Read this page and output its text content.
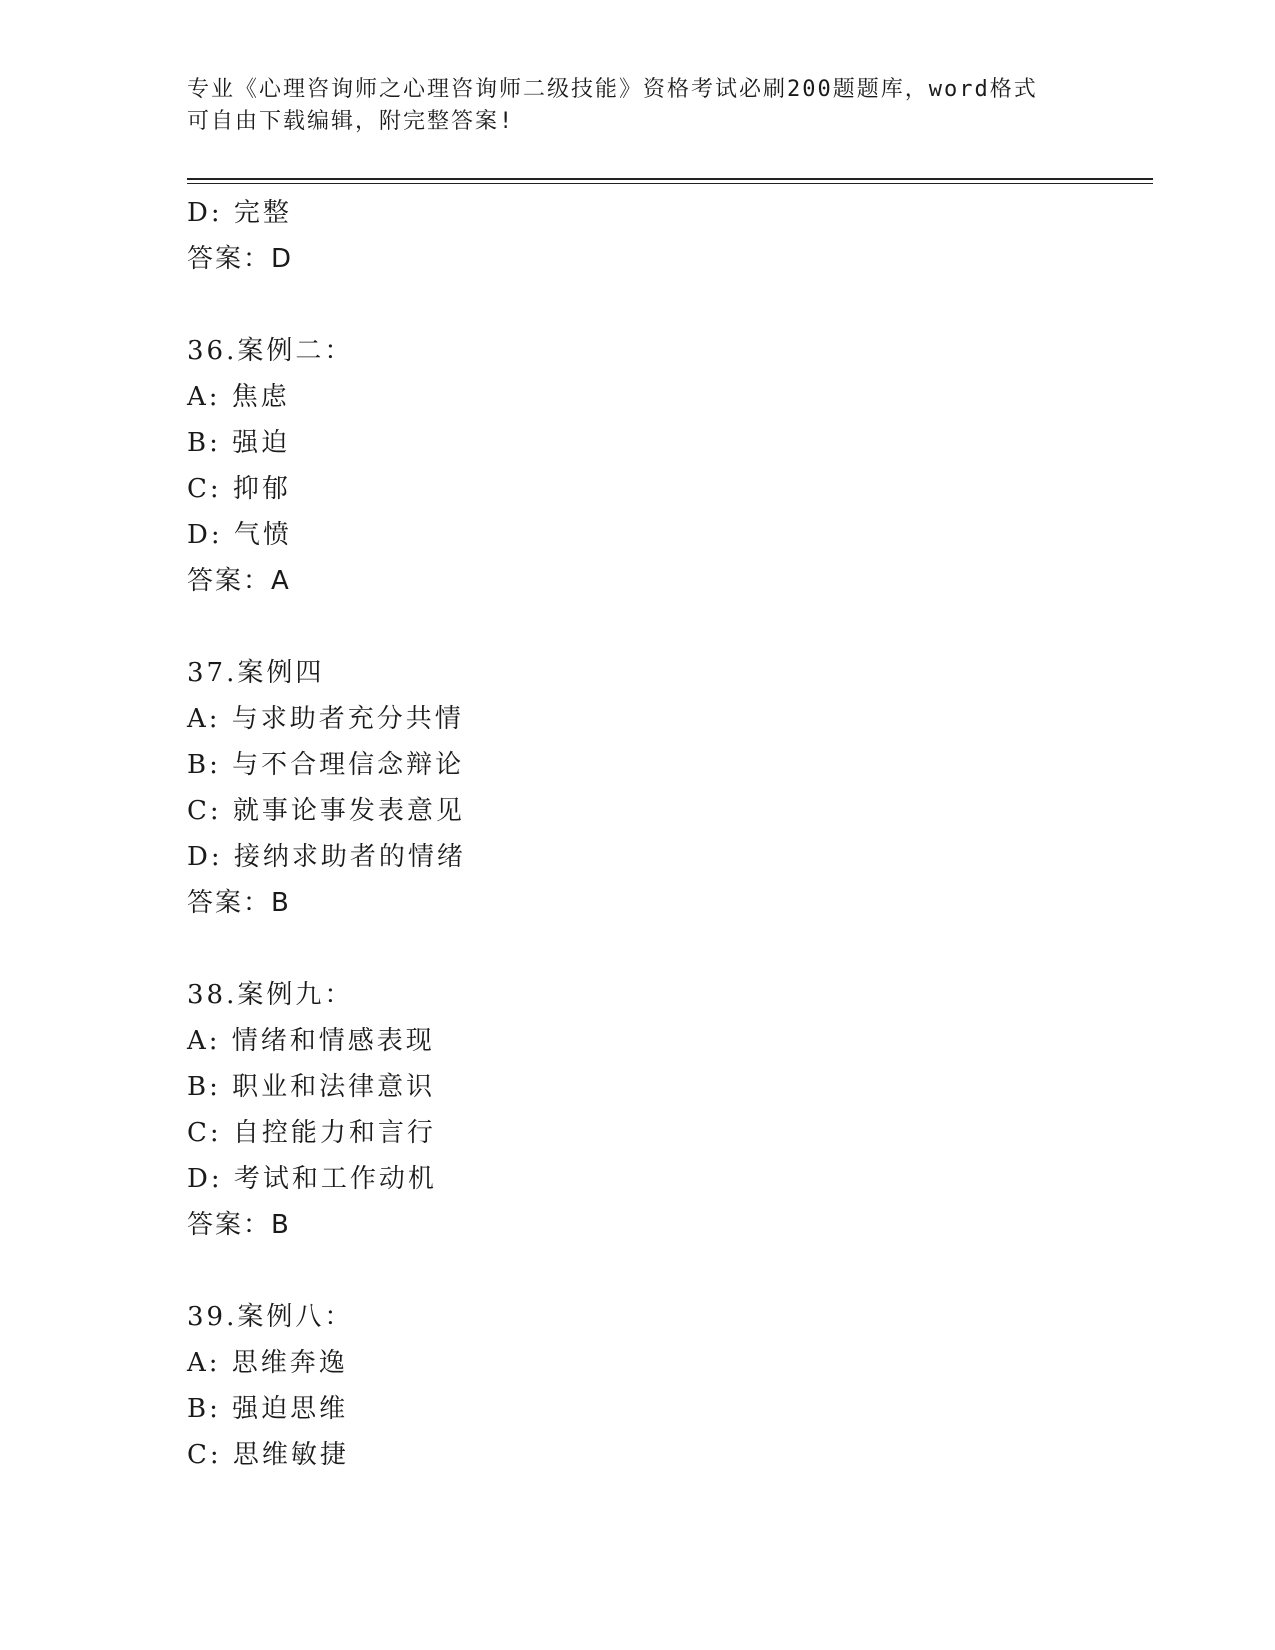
专业《心理咨询师之心理咨询师二级技能》资格考试必刷200题题库，word格式
可自由下载编辑，附完整答案!
D: 完整
答案：D
36.案例二：
A: 焦虑
B: 强迫
C: 抑郁
D: 气愤
答案：A
37.案例四
A: 与求助者充分共情
B: 与不合理信念辩论
C: 就事论事发表意见
D: 接纳求助者的情绪
答案：B
38.案例九：
A: 情绪和情感表现
B: 职业和法律意识
C: 自控能力和言行
D: 考试和工作动机
答案：B
39.案例八：
A: 思维奔逸
B: 强迫思维
C: 思维敏捷
